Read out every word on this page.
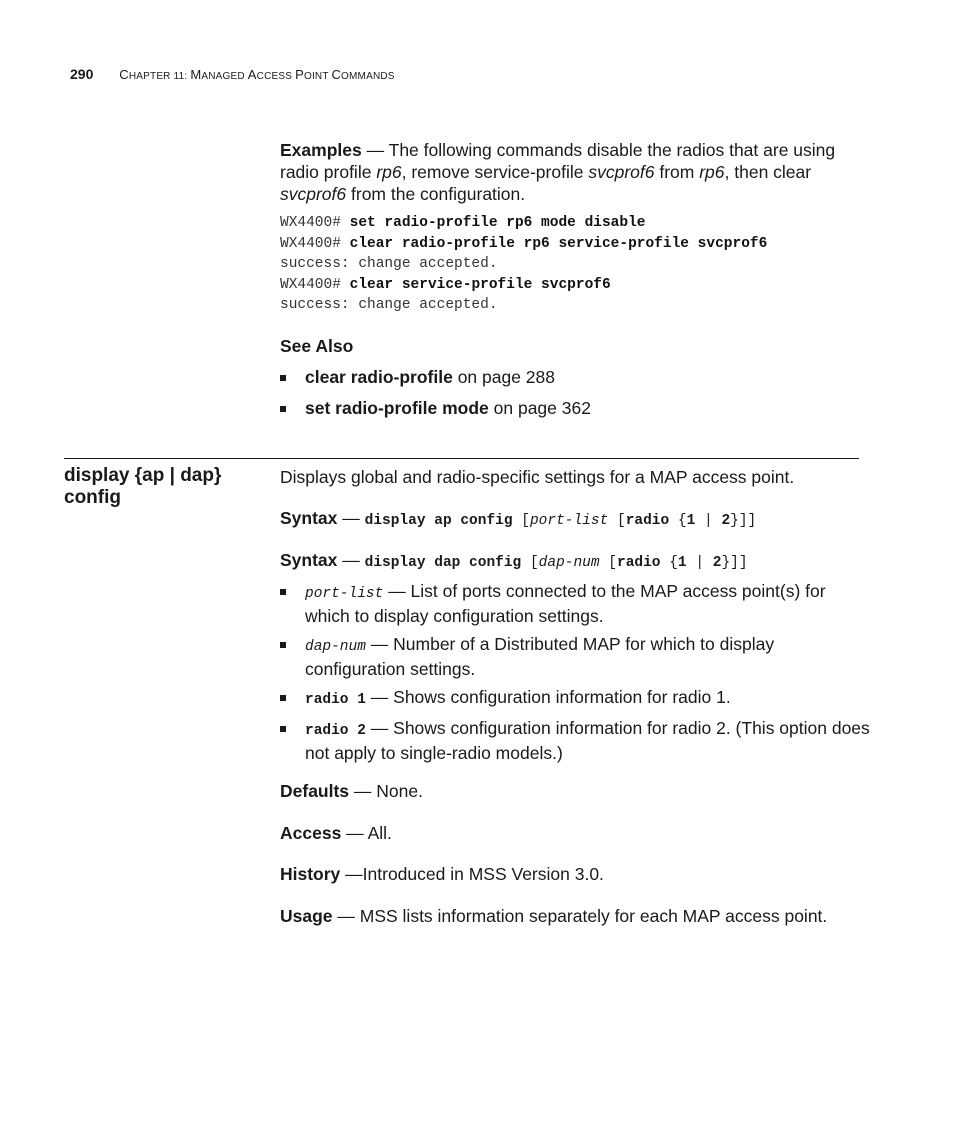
290 CHAPTER 11: MANAGED ACCESS POINT COMMANDS
Examples — The following commands disable the radios that are using radio profile rp6, remove service-profile svcprof6 from rp6, then clear svcprof6 from the configuration.
WX4400# set radio-profile rp6 mode disable
WX4400# clear radio-profile rp6 service-profile svcprof6
success: change accepted.
WX4400# clear service-profile svcprof6
success: change accepted.
See Also
clear radio-profile on page 288
set radio-profile mode on page 362
display {ap | dap}
config
Displays global and radio-specific settings for a MAP access point.
Syntax — display ap config [port-list [radio {1 | 2}]]
Syntax — display dap config [dap-num [radio {1 | 2}]]
port-list — List of ports connected to the MAP access point(s) for which to display configuration settings.
dap-num — Number of a Distributed MAP for which to display configuration settings.
radio 1 — Shows configuration information for radio 1.
radio 2 — Shows configuration information for radio 2. (This option does not apply to single-radio models.)
Defaults — None.
Access — All.
History —Introduced in MSS Version 3.0.
Usage — MSS lists information separately for each MAP access point.
